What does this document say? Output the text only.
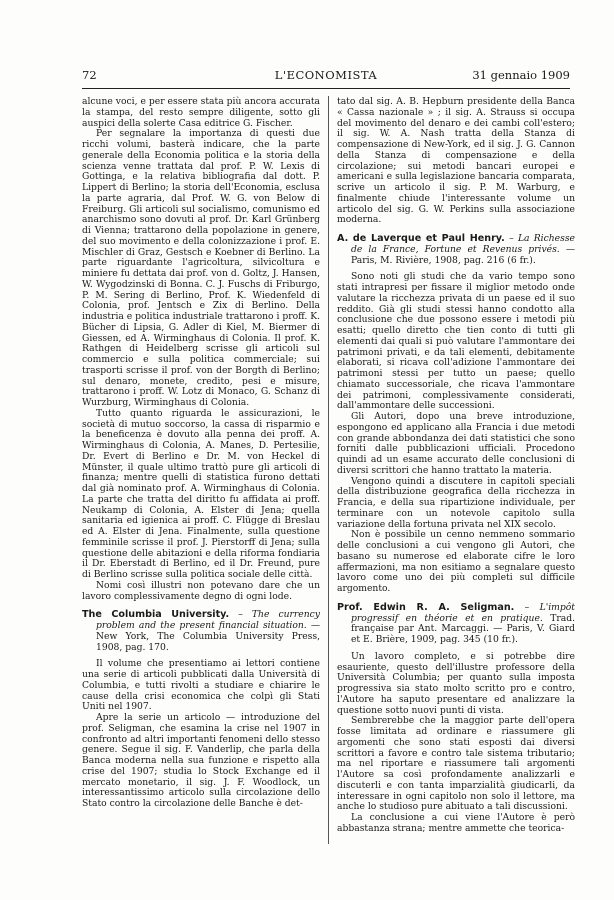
72	L'ECONOMISTA	31 gennaio 1909

alcune voci, e per essere stata più ancora accurata la stampa, del resto sempre diligente, sotto gli auspici della solerte Casa editrice G. Fischer.

Per segnalare la importanza di questi due ricchi volumi, basterà indicare, che la parte generale della Economia politica e la storia della scienza venne trattata dal prof. P. W. Lexis di Gottinga, e la relativa bibliografia dal dott. P. Lippert di Berlino; la storia dell'Economia, esclusa la parte agraria, dal Prof. W. G. von Below di Freiburg. Gli articoli sul socialismo, comunismo ed anarchismo sono dovuti al prof. Dr. Karl Grünberg di Vienna; trattarono della popolazione in genere, del suo movimento e della colonizzazione i prof. E. Mischler di Graz, Gestsch e Koebner di Berlino. La parte riguardante l'agricoltura, silvicoltura e miniere fu dettata dai prof. von d. Goltz, J. Hansen, W. Wygodzinski di Bonna. C. J. Fuschs di Friburgo, P. M. Sering di Berlino, Prof. K. Wiedenfeld di Colonia, prof. Jentsch e Zix di Berlino. Della industria e politica industriale trattarono i proff. K. Bücher di Lipsia, G. Adler di Kiel, M. Biermer di Giessen, ed A. Wirminghaus di Colonia. Il prof. K. Rathgen di Heidelberg scrisse gli articoli sul commercio e sulla politica commerciale; sui trasporti scrisse il prof. von der Borgth di Berlino; sul denaro, monete, credito, pesi e misure, trattarono i proff. W. Lotz di Monaco, G. Schanz di Wurzburg, Wirminghaus di Colonia.

Tutto quanto riguarda le assicurazioni, le società di mutuo soccorso, la cassa di risparmio e la beneficenza è dovuto alla penna dei proff. A. Wirminghaus di Colonia, A. Manes, D. Pertesilie, Dr. Evert di Berlino e Dr. M. von Heckel di Münster, il quale ultimo trattò pure gli articoli di finanza; mentre quelli di statistica furono dettati dal già nominato prof. A. Wirminghaus di Colonia. La parte che tratta del diritto fu affidata ai proff. Neukamp di Colonia, A. Elster di Jena; quella sanitaria ed igienica ai proff. C. Flügge di Breslau ed A. Elster di Jena. Finalmente, sulla questione femminile scrisse il prof. J. Pierstorff di Jena; sulla questione delle abitazioni e della riforma fondiaria il Dr. Eberstadt di Berlino, ed il Dr. Freund, pure di Berlino scrisse sulla politica sociale delle città.

Nomi così illustri non potevano dare che un lavoro complessivamente degno di ogni lode.

The Columbia University. – The currency problem and the present financial situation. — New York, The Columbia University Press, 1908, pag. 170.

Il volume che presentiamo ai lettori contiene una serie di articoli pubblicati dalla Università di Columbia, e tutti rivolti a studiare e chiarire le cause della crisi economica che colpì gli Stati Uniti nel 1907.

Apre la serie un articolo — introduzione del prof. Seligman, che esamina la crise nel 1907 in confronto ad altri importanti fenomeni dello stesso genere. Segue il sig. F. Vanderlip, che parla della Banca moderna nella sua funzione e rispetto alla crise del 1907; studia lo Stock Exchange ed il mercato monetario, il sig. J. F. Woodlock, un interessantissimo articolo sulla circolazione dello Stato contro la circolazione delle Banche è det-

tato dal sig. A. B. Hepburn presidente della Banca « Cassa nazionale » ; il sig. A. Strauss si occupa del movimento del denaro e dei cambi coll'estero; il sig. W. A. Nash tratta della Stanza di compensazione di New-York, ed il sig. J. G. Cannon della Stanza di compensazione e della circolazione; sui metodi bancari europei e americani e sulla legislazione bancaria comparata, scrive un articolo il sig. P. M. Warburg, e finalmente chiude l'interessante volume un articolo del sig. G. W. Perkins sulla associazione moderna.

A. de Laverque et Paul Henry. – La Richesse de la France, Fortune et Revenus privés. — Paris, M. Rivière, 1908, pag. 216 (6 fr.).

Sono noti gli studi che da vario tempo sono stati intrapresi per fissare il miglior metodo onde valutare la ricchezza privata di un paese ed il suo reddito. Già gli studi stessi hanno condotto alla conclusione che due possono essere i metodi più esatti; quello diretto che tien conto di tutti gli elementi dai quali si può valutare l'ammontare dei patrimoni privati, e da tali elementi, debitamente elaborati, si ricava coll'adizione l'ammontare dei patrimoni stessi per tutto un paese; quello chiamato successoriale, che ricava l'ammontare dei patrimoni, complessivamente considerati, dall'ammontare delle successioni.

Gli Autori, dopo una breve introduzione, espongono ed applicano alla Francia i due metodi con grande abbondanza dei dati statistici che sono forniti dalle pubblicazioni ufficiali. Procedono quindi ad un esame accurato delle conclusioni di diversi scrittori che hanno trattato la materia.

Vengono quindi a discutere in capitoli speciali della distribuzione geografica della ricchezza in Francia, e della sua ripartizione individuale, per terminare con un notevole capitolo sulla variazione della fortuna privata nel XIX secolo.

Non è possibile un cenno nemmeno sommario delle conclusioni a cui vengono gli Autori, che basano su numerose ed elaborate cifre le loro affermazioni, ma non esitiamo a segnalare questo lavoro come uno dei più completi sul difficile argomento.

Prof. Edwin R. A. Seligman. – L'impôt progressif en théorie et en pratique. Trad. française par Ant. Marcaggi. — Paris, V. Giard et E. Brière, 1909, pag. 345 (10 fr.).

Un lavoro completo, e si potrebbe dire esauriente, questo dell'illustre professore della Università Columbia; per quanto sulla imposta progressiva sia stato molto scritto pro e contro, l'Autore ha saputo presentare ed analizzare la questione sotto nuovi punti di vista.

Sembrerebbe che la maggior parte dell'opera fosse limitata ad ordinare e riassumere gli argomenti che sono stati esposti dai diversi scrittori a favore e contro tale sistema tributario; ma nel riportare e riassumere tali argomenti l'Autore sa così profondamente analizzarli e discuterli e con tanta imparzialità giudicarli, da interessare in ogni capitolo non solo il lettore, ma anche lo studioso pure abituato a tali discussioni.

La conclusione a cui viene l'Autore è però abbastanza strana; mentre ammette che teorica-
